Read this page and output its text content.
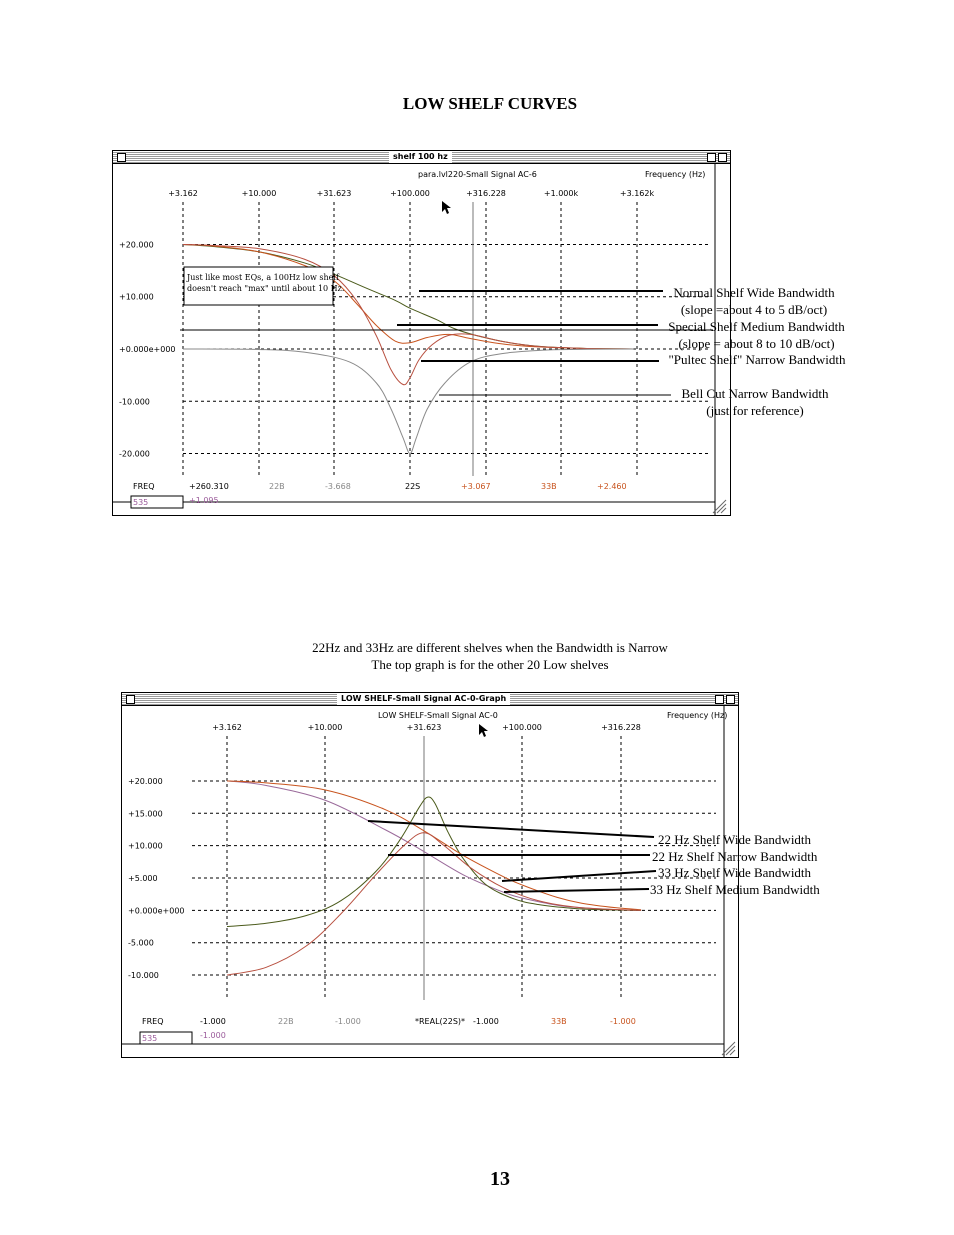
LOW SHELF CURVES
shelf 100 hz
para.lvl220-Small Signal AC-6	Frequency (Hz)
+3.162	+10.000	+31.623	+100.000	+316.228	+1.000k	+3.162k
+20.000
+10.000
+0.000e+000
-10.000
-20.000
FREQ	+260.310	22B	-3.668	22S	+3.067	33B	+2.460
535	+1.095
Just like most EQs, a 100Hz low shelf
doesn't reach "max" until about 10 Hz.	Normal Shelf Wide Bandwidth
(slope =about 4 to 5 dB/oct)
Special Shelf Medium Bandwidth
(slope = about 8 to 10 dB/oct)
"Pultec Shelf" Narrow Bandwidth
Bell Cut Narrow Bandwidth
(just for reference)
22Hz and 33Hz are different shelves when the Bandwidth is Narrow
The top graph is for the other 20 Low shelves
LOW SHELF-Small Signal AC-0-Graph
LOW SHELF-Small Signal AC-0	Frequency (Hz)
+3.162	+10.000	+31.623	+100.000	+316.228
+20.000
+15.000
+10.000
+5.000
+0.000e+000
-5.000
-10.000
FREQ	-1.000	22B	-1.000	*REAL(22S)* -1.000	33B	-1.000
535	-1.000
22 Hz Shelf Wide Bandwidth
22 Hz Shelf Narrow Bandwidth
33 Hz Shelf Wide Bandwidth
33 Hz Shelf Medium Bandwidth
13
